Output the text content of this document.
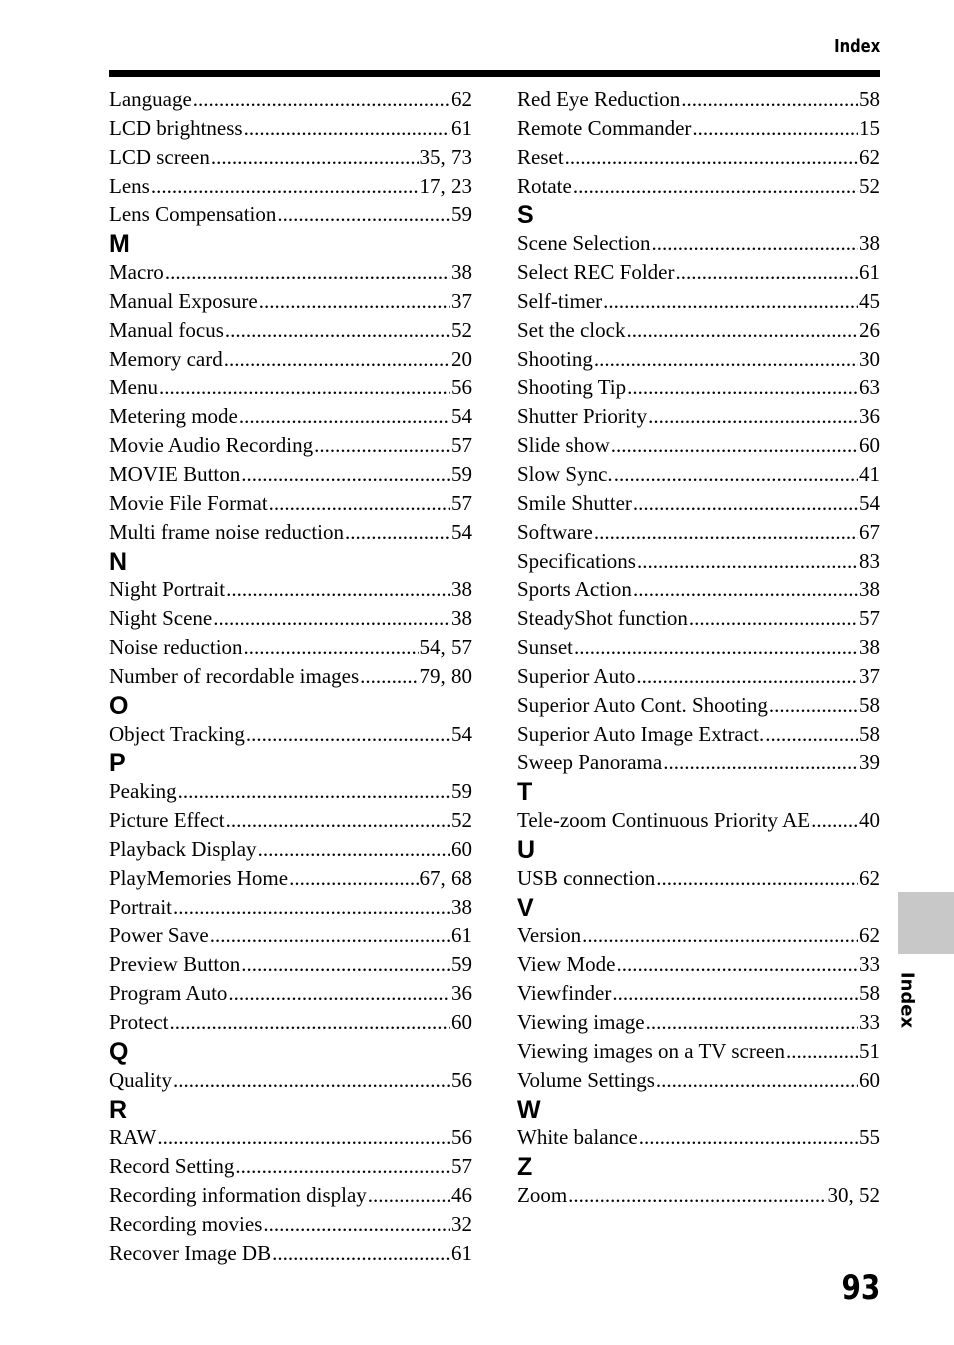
Index
Language .....	62
LCD brightness .....	61
LCD screen .....	35, 73
Lens .....	17, 23
Lens Compensation .....	59
M
Macro .....	38
Manual Exposure .....	37
Manual focus .....	52
Memory card .....	20
Menu .....	56
Metering mode .....	54
Movie Audio Recording .....	57
MOVIE Button .....	59
Movie File Format .....	57
Multi frame noise reduction .....	54
N
Night Portrait .....	38
Night Scene .....	38
Noise reduction .....	54, 57
Number of recordable images .....	79, 80
O
Object Tracking .....	54
P
Peaking .....	59
Picture Effect .....	52
Playback Display .....	60
PlayMemories Home .....	67, 68
Portrait .....	38
Power Save .....	61
Preview Button .....	59
Program Auto .....	36
Protect .....	60
Q
Quality .....	56
R
RAW .....	56
Record Setting .....	57
Recording information display .....	46
Recording movies .....	32
Recover Image DB .....	61
Red Eye Reduction .....	58
Remote Commander .....	15
Reset .....	62
Rotate .....	52
S
Scene Selection .....	38
Select REC Folder .....	61
Self-timer .....	45
Set the clock .....	26
Shooting .....	30
Shooting Tip .....	63
Shutter Priority .....	36
Slide show .....	60
Slow Sync. .....	41
Smile Shutter .....	54
Software .....	67
Specifications .....	83
Sports Action .....	38
SteadyShot function .....	57
Sunset .....	38
Superior Auto .....	37
Superior Auto Cont. Shooting .....	58
Superior Auto Image Extract. .....	58
Sweep Panorama .....	39
T
Tele-zoom Continuous Priority AE ..... 40
U
USB connection .....	62
V
Version .....	62
View Mode .....	33
Viewfinder .....	58
Viewing image .....	33
Viewing images on a TV screen .....	51
Volume Settings .....	60
W
White balance .....	55
Z
Zoom .....	30, 52
Index
93
